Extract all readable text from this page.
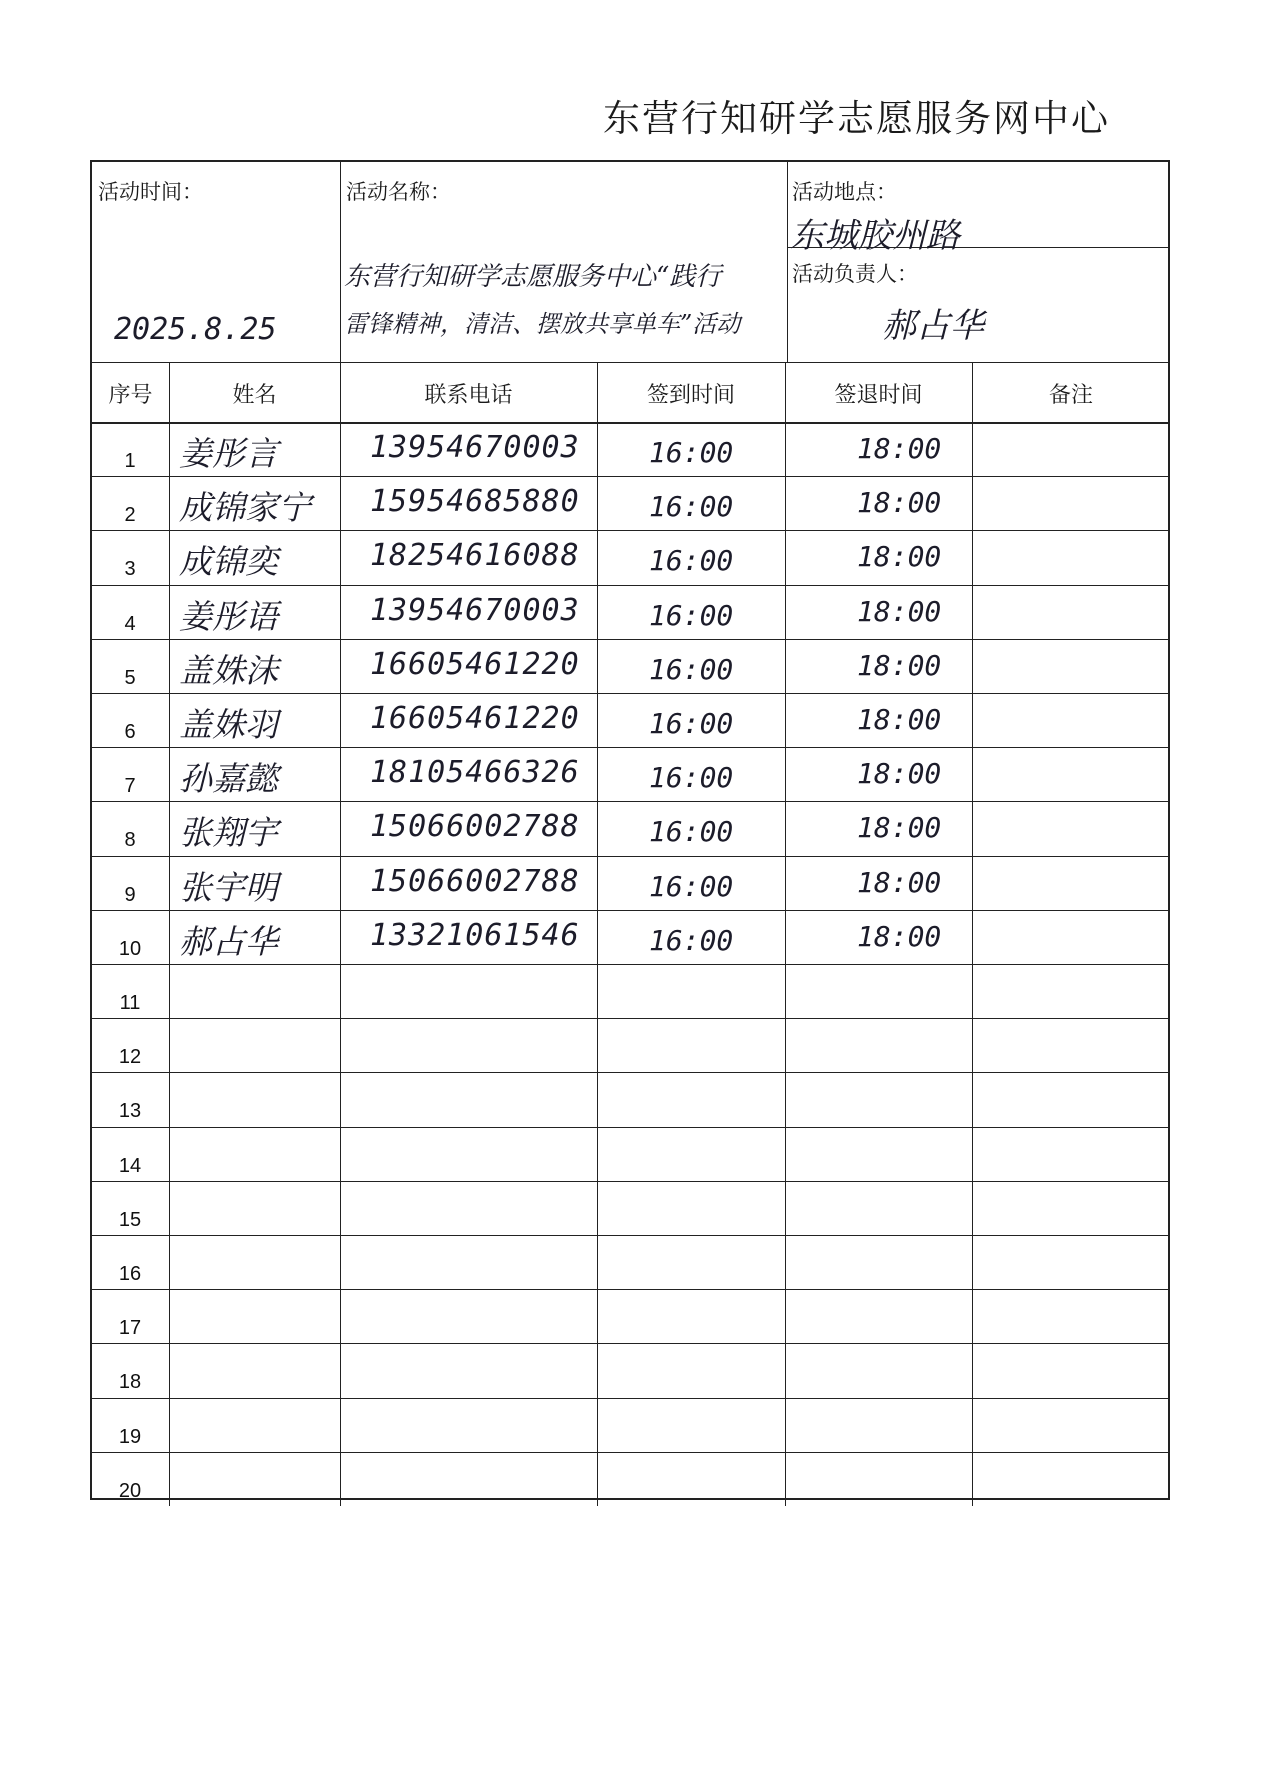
东营行知研学志愿服务网中心
活动时间：
2025.8.25
活动名称：
东营行知研学志愿服务中心“践行
雷锋精神，清洁、摆放共享单车”活动
活动地点：
东城胶州路
活动负责人：
郝占华
序号	姓名	联系电话	签到时间	签退时间	备注
1	姜彤言	13954670003 16:00	18:00
2	成锦家宁 15954685880 16:00	18:00
3	成锦奕	18254616088 16:00	18:00
4	姜彤语	13954670003 16:00	18:00
5	盖姝沫	16605461220 16:00	18:00
6	盖姝羽	16605461220 16:00	18:00
7	孙嘉懿	18105466326 16:00	18:00
8	张翔宇	15066002788 16:00	18:00
9	张宇明	15066002788 16:00	18:00
10	郝占华	13321061546 16:00	18:00
11
12
13
14
15
16
17
18
19
20
